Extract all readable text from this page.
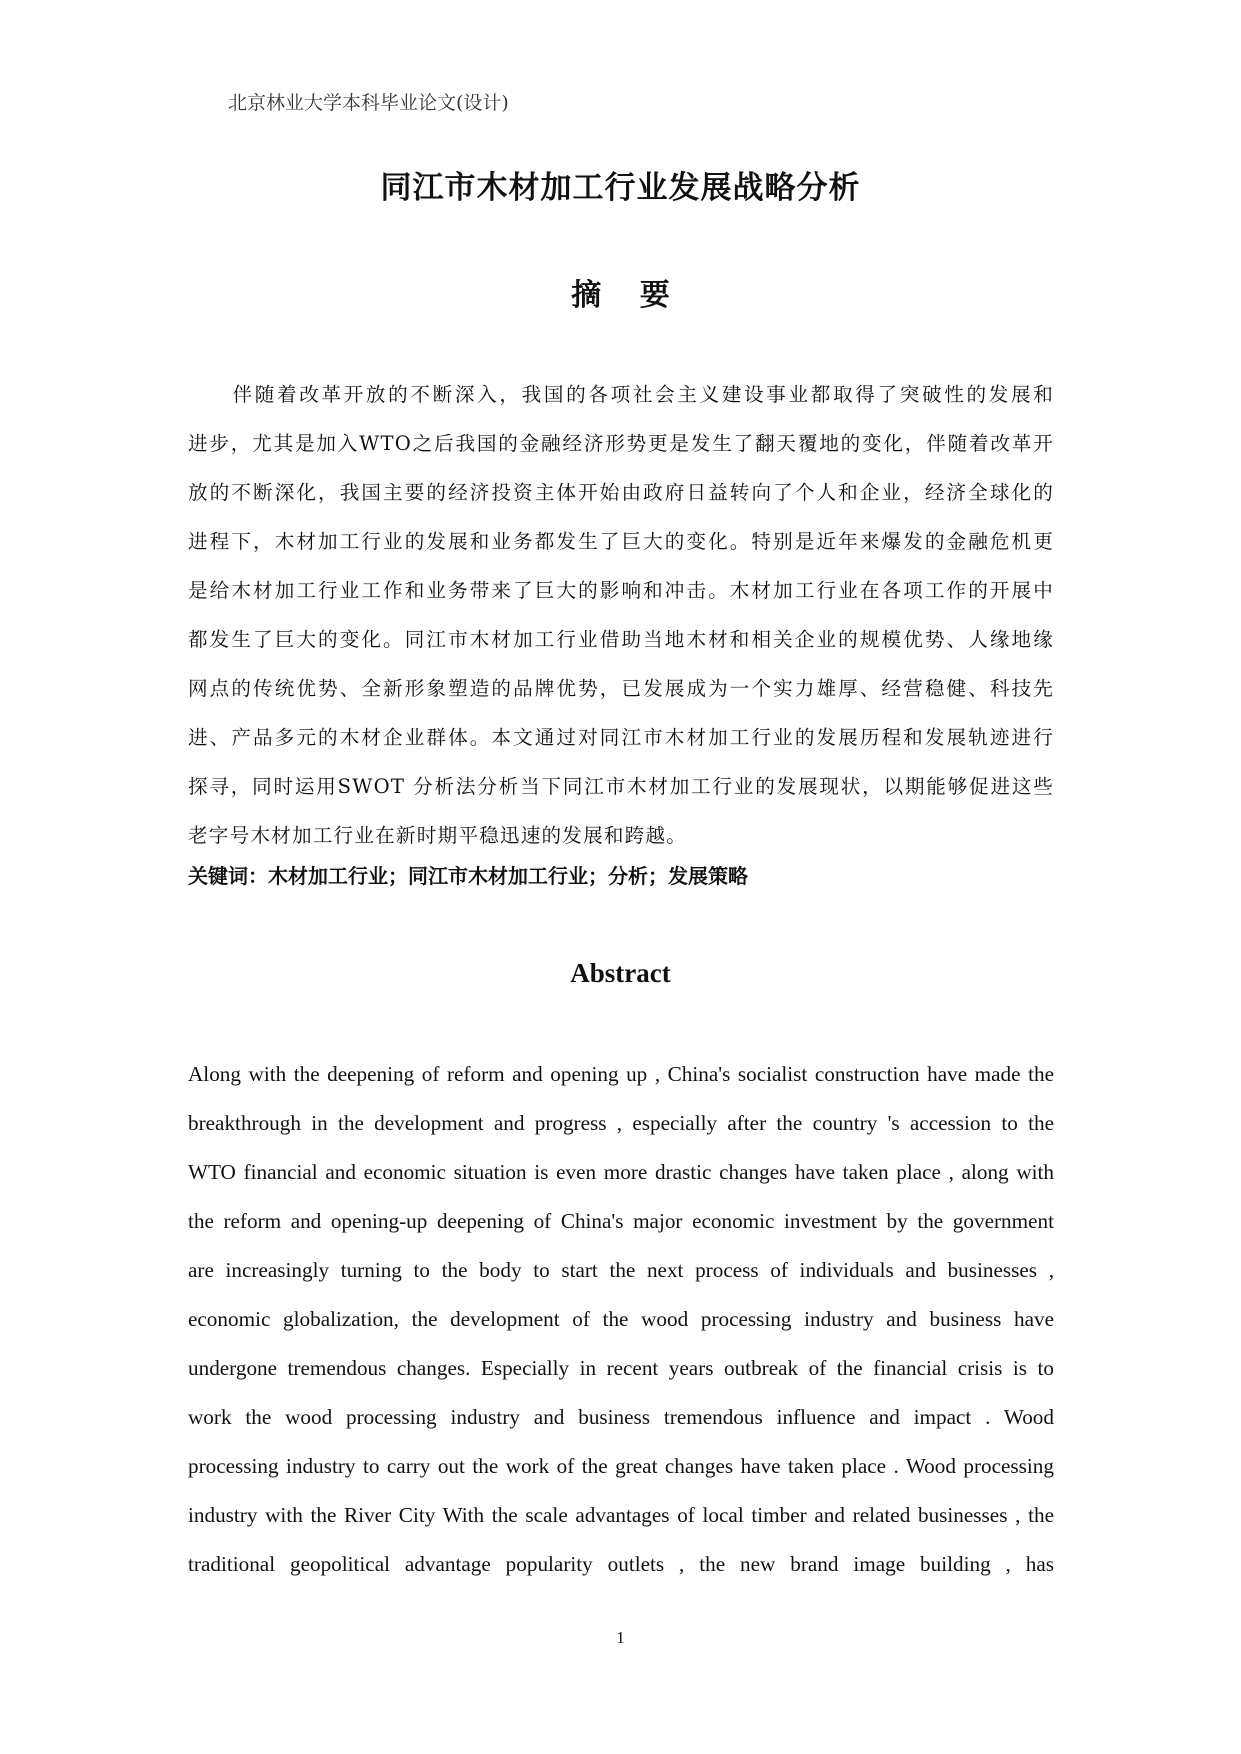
北京林业大学本科毕业论文(设计)
同江市木材加工行业发展战略分析
摘 要
　　伴随着改革开放的不断深入，我国的各项社会主义建设事业都取得了突破性的发展和
进步，尤其是加入WTO之后我国的金融经济形势更是发生了翻天覆地的变化，伴随着改革开
放的不断深化，我国主要的经济投资主体开始由政府日益转向了个人和企业，经济全球化的
进程下，木材加工行业的发展和业务都发生了巨大的变化。特别是近年来爆发的金融危机更
是给木材加工行业工作和业务带来了巨大的影响和冲击。木材加工行业在各项工作的开展中
都发生了巨大的变化。同江市木材加工行业借助当地木材和相关企业的规模优势、人缘地缘
网点的传统优势、全新形象塑造的品牌优势，已发展成为一个实力雄厚、经营稳健、科技先
进、产品多元的木材企业群体。本文通过对同江市木材加工行业的发展历程和发展轨迹进行
探寻，同时运用SWOT 分析法分析当下同江市木材加工行业的发展现状，以期能够促进这些
老字号木材加工行业在新时期平稳迅速的发展和跨越。
关键词：木材加工行业；同江市木材加工行业；分析；发展策略
Abstract
Along with the deepening of reform and opening up , China's socialist construction have made the
breakthrough in the development and progress , especially after the country 's accession to the
WTO financial and economic situation is even more drastic changes have taken place , along with
the reform and opening-up deepening of China's major economic investment by the government
are increasingly turning to the body to start the next process of individuals and businesses ,
economic globalization, the development of the wood processing industry and business have
undergone tremendous changes. Especially in recent years outbreak of the financial crisis is to
work the wood processing industry and business tremendous influence and impact . Wood
processing industry to carry out the work of the great changes have taken place . Wood processing
industry with the River City With the scale advantages of local timber and related businesses , the
traditional geopolitical advantage popularity outlets , the new brand image building , has
1
